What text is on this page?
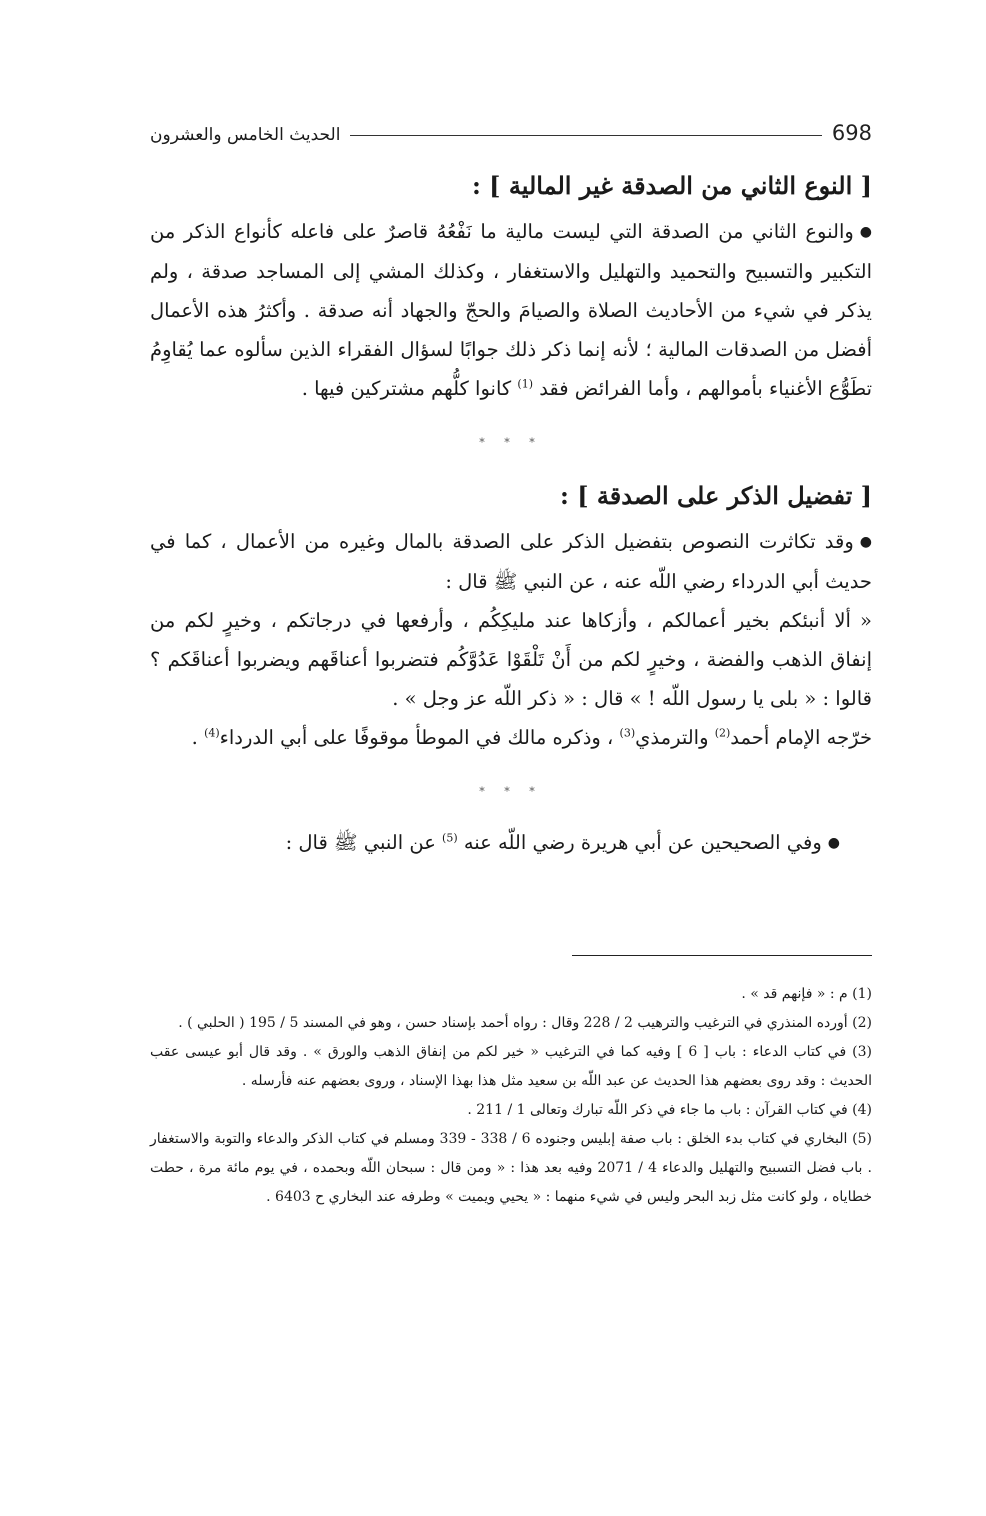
الحديث الخامس والعشرون	698
[ النوع الثاني من الصدقة غير المالية ] :

●والنوع الثاني من الصدقة التي ليست مالية ما نَفْعُهُ قاصرٌ على فاعله كأنواع الذكر من التكبير والتسبيح والتحميد والتهليل والاستغفار ، وكذلك المشي إلى المساجد صدقة ، ولم يذكر في شيء من الأحاديث الصلاة والصيامَ والحجّ والجهاد أنه صدقة . وأكثرُ هذه الأعمال أفضل من الصدقات المالية ؛ لأنه إنما ذكر ذلك جوابًا لسؤال الفقراء الذين سألوه عما يُقاوِمُ تطَوُّع الأغنياء بأموالهم ، وأما الفرائض فقد $^{(1)}$ كانوا كلُّهم مشتركين فيها .

* * *
[ تفضيل الذكر على الصدقة ] :

●وقد تكاثرت النصوص بتفضيل الذكر على الصدقة بالمال وغيره من الأعمال ، كما في حديث أبي الدرداء رضي اللّه عنه ، عن النبي ﷺ قال :

« ألا أنبئكم بخير أعمالكم ، وأزكاها عند مليكِكُم ، وأرفعها في درجاتكم ، وخيرٍ لكم من إنفاق الذهب والفضة ، وخيرٍ لكم من أَنْ تَلْقَوْا عَدُوَّكُم فتضربوا أعناقَهم ويضربوا أعناقَكم ؟ قالوا : « بلى يا رسول اللّه ! » قال : « ذكر اللّه عز وجل » .

خرّجه الإمام أحمد$^{(2)}$ والترمذي$^{(3)}$ ، وذكره مالك في الموطأ موقوفًا على أبي الدرداء$^{(4)}$ .

* * *

●وفي الصحيحين عن أبي هريرة رضي اللّه عنه $^{(5)}$ عن النبي ﷺ قال :

(1) م : « فإنهم قد » .

(2) أورده المنذري في الترغيب والترهيب 2 / 228 وقال : رواه أحمد بإسناد حسن ، وهو في المسند 5 / 195 ( الحلبي ) .

(3) في كتاب الدعاء : باب [ 6 ] وفيه كما في الترغيب « خير لكم من إنفاق الذهب والورق » . وقد قال أبو عيسى عقب الحديث : وقد روى بعضهم هذا الحديث عن عبد اللّه بن سعيد مثل هذا بهذا الإسناد ، وروى بعضهم عنه فأرسله .

(4) في كتاب القرآن : باب ما جاء في ذكر اللّه تبارك وتعالى 1 / 211 .

(5) البخاري في كتاب بدء الخلق : باب صفة إبليس وجنوده 6 / 338 - 339 ومسلم في كتاب الذكر والدعاء والتوبة والاستغفار . باب فضل التسبيح والتهليل والدعاء 4 / 2071 وفيه بعد هذا : « ومن قال : سبحان اللّه وبحمده ، في يوم مائة مرة ، حطت خطاياه ، ولو كانت مثل زبد البحر وليس في شيء منهما : « يحيي ويميت » وطرفه عند البخاري ح 6403 .
